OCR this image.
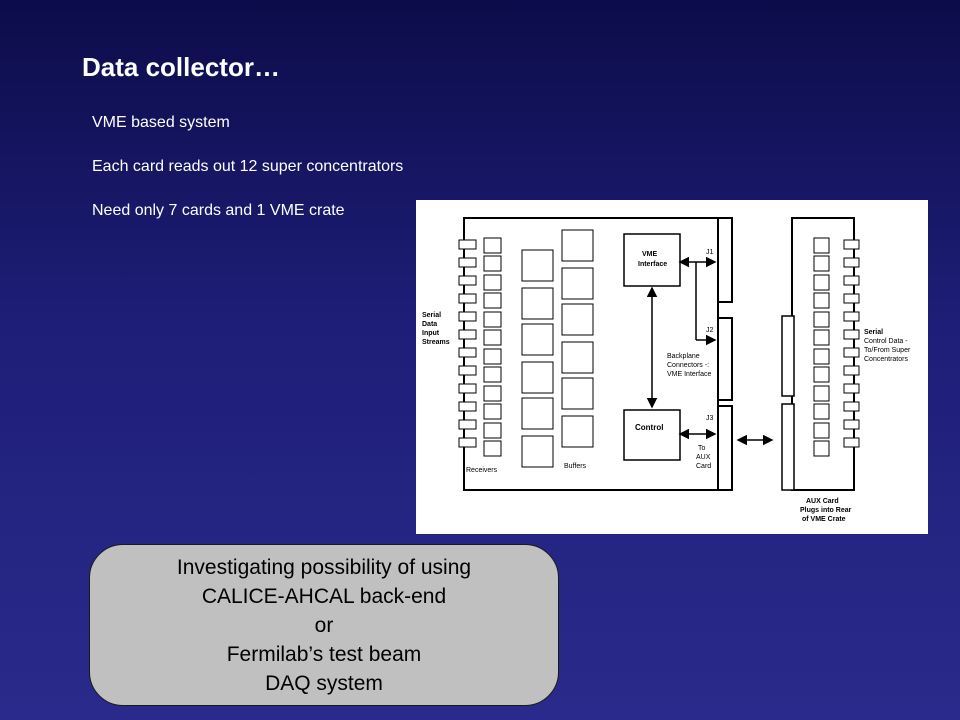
Data collector…
VME based system
Each card reads out 12 super concentrators
Need only 7 cards and 1 VME crate
Serial
Data
Input
Streams
VME
Interface
Receivers
Buffers
J1
J2
J3
Backplane
Connectors -:
VME Interface
To
AUX
Card
Control
Serial
Control Data -
To/From Super
Concentrators
AUX Card
Plugs into Rear
of VME Crate
Investigating possibility of using
CALICE-AHCAL back-end
or
Fermilab’s test beam
DAQ system
